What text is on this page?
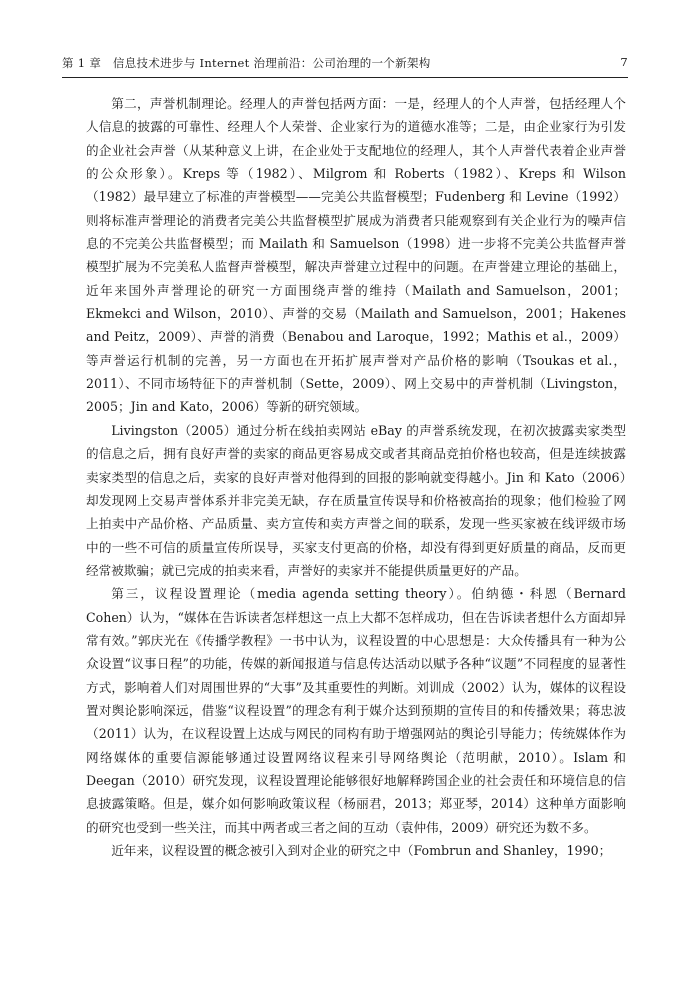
第 1 章　信息技术进步与 Internet 治理前沿：公司治理的一个新架构	7

第二，声誉机制理论。经理人的声誉包括两方面：一是，经理人的个人声誉，包括经理人个人信息的披露的可靠性、经理人个人荣誉、企业家行为的道德水准等；二是，由企业家行为引发的企业社会声誉（从某种意义上讲，在企业处于支配地位的经理人，其个人声誉代表着企业声誉的公众形象）。Kreps 等（1982）、Milgrom 和 Roberts（1982）、Kreps 和 Wilson（1982）最早建立了标准的声誉模型——完美公共监督模型；Fudenberg 和 Levine（1992）则将标准声誉理论的消费者完美公共监督模型扩展成为消费者只能观察到有关企业行为的噪声信息的不完美公共监督模型；而 Mailath 和 Samuelson（1998）进一步将不完美公共监督声誉模型扩展为不完美私人监督声誉模型，解决声誉建立过程中的问题。在声誉建立理论的基础上，近年来国外声誉理论的研究一方面围绕声誉的维持（Mailath and Samuelson，2001；Ekmekci and Wilson，2010）、声誉的交易（Mailath and Samuelson，2001；Hakenes and Peitz，2009）、声誉的消费（Benabou and Laroque，1992；Mathis et al.，2009）等声誉运行机制的完善，另一方面也在开拓扩展声誉对产品价格的影响（Tsoukas et al.，2011）、不同市场特征下的声誉机制（Sette，2009）、网上交易中的声誉机制（Livingston，2005；Jin and Kato，2006）等新的研究领域。

Livingston（2005）通过分析在线拍卖网站 eBay 的声誉系统发现，在初次披露卖家类型的信息之后，拥有良好声誉的卖家的商品更容易成交或者其商品竞拍价格也较高，但是连续披露卖家类型的信息之后，卖家的良好声誉对他得到的回报的影响就变得越小。Jin 和 Kato（2006）却发现网上交易声誉体系并非完美无缺，存在质量宣传误导和价格被高抬的现象；他们检验了网上拍卖中产品价格、产品质量、卖方宣传和卖方声誉之间的联系，发现一些买家被在线评级市场中的一些不可信的质量宣传所误导，买家支付更高的价格，却没有得到更好质量的商品，反而更经常被欺骗；就已完成的拍卖来看，声誉好的卖家并不能提供质量更好的产品。

第三，议程设置理论（media agenda setting theory）。伯纳德・科恩（Bernard Cohen）认为，“媒体在告诉读者怎样想这一点上大都不怎样成功，但在告诉读者想什么方面却异常有效。”郭庆光在《传播学教程》一书中认为，议程设置的中心思想是：大众传播具有一种为公众设置“议事日程”的功能，传媒的新闻报道与信息传达活动以赋予各种“议题”不同程度的显著性方式，影响着人们对周围世界的“大事”及其重要性的判断。刘训成（2002）认为，媒体的议程设置对舆论影响深远，借鉴“议程设置”的理念有利于媒介达到预期的宣传目的和传播效果；蒋忠波（2011）认为，在议程设置上达成与网民的同构有助于增强网站的舆论引导能力；传统媒体作为网络媒体的重要信源能够通过设置网络议程来引导网络舆论（范明献，2010）。Islam 和 Deegan（2010）研究发现，议程设置理论能够很好地解释跨国企业的社会责任和环境信息的信息披露策略。但是，媒介如何影响政策议程（杨丽君，2013；郑亚琴，2014）这种单方面影响的研究也受到一些关注，而其中两者或三者之间的互动（袁仲伟，2009）研究还为数不多。

近年来，议程设置的概念被引入到对企业的研究之中（Fombrun and Shanley，1990；
